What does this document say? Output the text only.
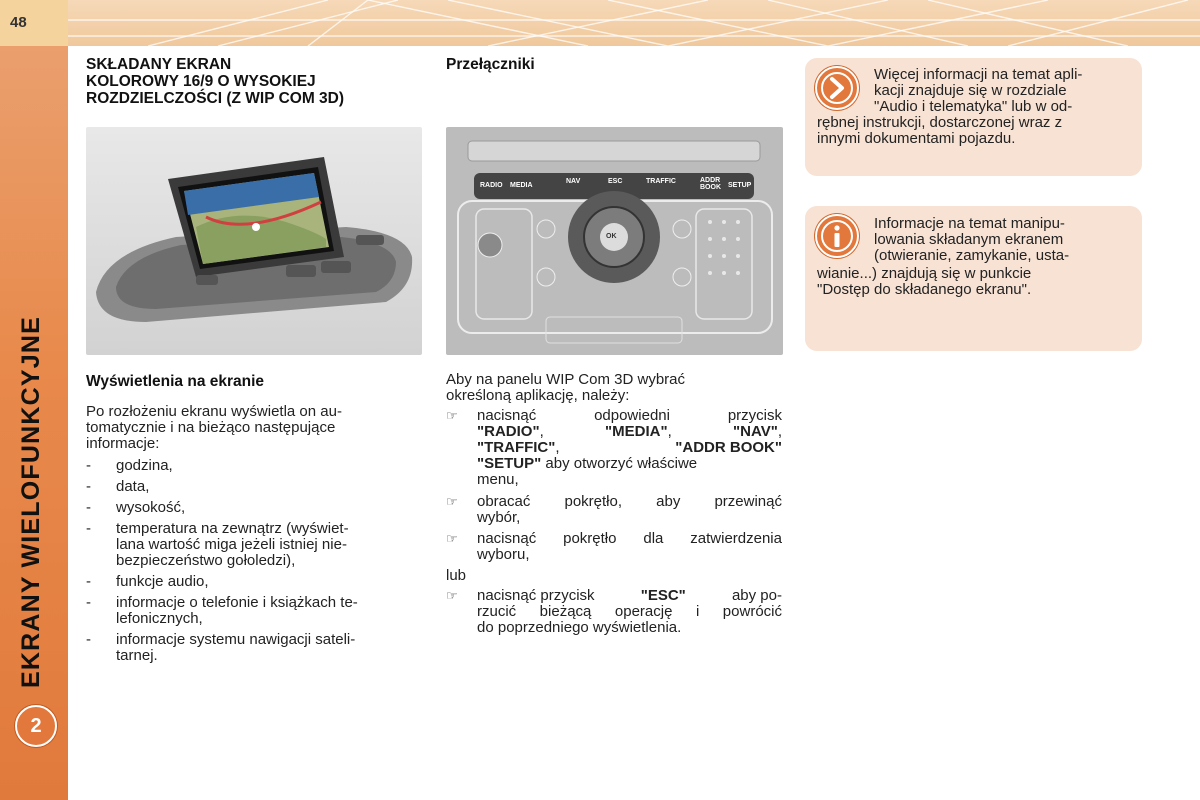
48
EKRANY WIELOFUNKCYJNE
2
SKŁADANY EKRAN
KOLOROWY 16/9 O WYSOKIEJ
ROZDZIELCZOŚCI (Z WIP COM 3D)
Wyświetlenia na ekranie

Po rozłożeniu ekranu wyświetla on au-
tomatycznie i na bieżąco następujące
informacje:

- godzina,
- data,
- wysokość,
- temperatura na zewnątrz (wyświet-
lana wartość miga jeżeli istniej nie-
bezpieczeństwo gołoledzi),
- funkcje audio,
- informacje o telefonie i książkach te-
lefonicznych,
- informacje systemu nawigacji sateli-
tarnej.
Przełączniki
RADIO MEDIA
NAV	ESC	TRAFFIC	ADDR BOOK SETUP
OK

Aby na panelu WIP Com 3D wybrać
określoną aplikację, należy:

☞ nacisnąć odpowiedni przycisk
"RADIO",	"MEDIA",	"NAV",
"TRAFFIC",	"ADDR BOOK"
"SETUP" aby otworzyć właściwe
menu,
☞ obracać pokrętło, aby przewinąć
wybór,
☞ nacisnąć pokrętło dla zatwierdzenia
wyboru,
lub
☞ nacisnąć przycisk	"ESC"	aby po-
rzucić bieżącą operację i powrócić
do poprzedniego wyświetlenia.

Więcej informacji na temat apli-
kacji znajduje się w rozdziale

"Audio i telematyka" lub w od-
rębnej instrukcji, dostarczonej wraz z
innymi dokumentami pojazdu.

Informacje na temat manipu-
lowania składanym ekranem
(otwieranie, zamykanie, usta-

wianie...) znajdują się w punkcie
"Dostęp do składanego ekranu".
